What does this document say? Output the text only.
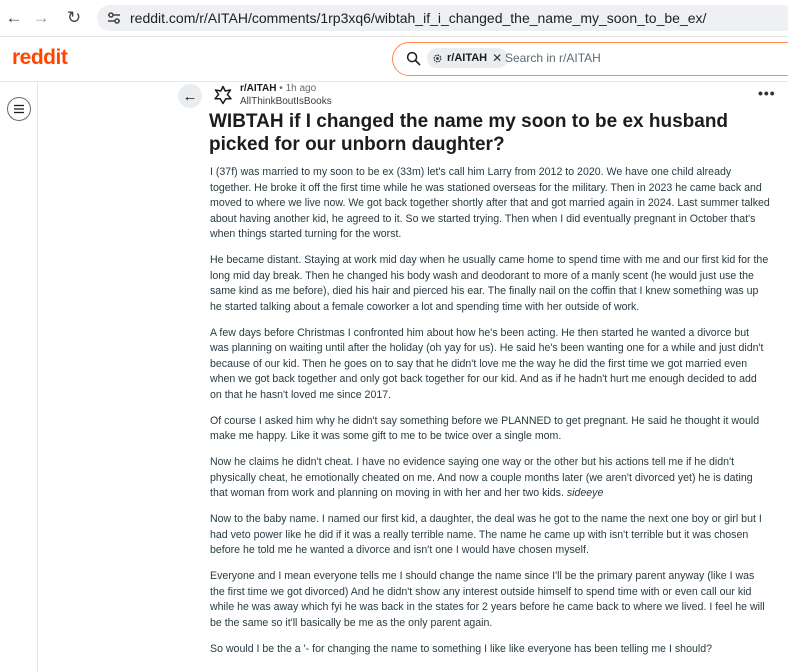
← → ↻	reddit.com/r/AITAH/comments/1rp3xq6/wibtah_if_i_changed_the_name_my_soon_to_be_ex/
reddit	r/AITAH ✕ Search in r/AITAH
←	r/AITAH • 1h ago
AllThinkBoutIsBooks
•••
WIBTAH if I changed the name my soon to be ex husband picked for our unborn daughter?

I (37f) was married to my soon to be ex (33m) let's call him Larry from 2012 to 2020. We have one child already together. He broke it off the first time while he was stationed overseas for the military. Then in 2023 he came back and moved to where we live now. We got back together shortly after that and got married again in 2024. Last summer talked about having another kid, he agreed to it. So we started trying. Then when I did eventually pregnant in October that's when things started turning for the worst.

He became distant. Staying at work mid day when he usually came home to spend time with me and our first kid for the long mid day break. Then he changed his body wash and deodorant to more of a manly scent (he would just use the same kind as me before), died his hair and pierced his ear. The finally nail on the coffin that I knew something was up he started talking about a female coworker a lot and spending time with her outside of work.

A few days before Christmas I confronted him about how he's been acting. He then started he wanted a divorce but was planning on waiting until after the holiday (oh yay for us). He said he's been wanting one for a while and just didn't because of our kid. Then he goes on to say that he didn't love me the way he did the first time we got married even when we got back together and only got back together for our kid. And as if he hadn't hurt me enough decided to add on that he hasn't loved me since 2017.

Of course I asked him why he didn't say something before we PLANNED to get pregnant. He said he thought it would make me happy. Like it was some gift to me to be twice over a single mom.

Now he claims he didn't cheat. I have no evidence saying one way or the other but his actions tell me if he didn't physically cheat, he emotionally cheated on me. And now a couple months later (we aren't divorced yet) he is dating that woman from work and planning on moving in with her and her two kids. sideeye

Now to the baby name. I named our first kid, a daughter, the deal was he got to the name the next one boy or girl but I had veto power like he did if it was a really terrible name. The name he came up with isn't terrible but it was chosen before he told me he wanted a divorce and isn't one I would have chosen myself.

Everyone and I mean everyone tells me I should change the name since I'll be the primary parent anyway (like I was the first time we got divorced) And he didn't show any interest outside himself to spend time with or even call our kid while he was away which fyi he was back in the states for 2 years before he came back to where we lived. I feel he will be the same so it'll basically be me as the only parent again.

So would I be the a '- for changing the name to something I like like everyone has been telling me I should?
